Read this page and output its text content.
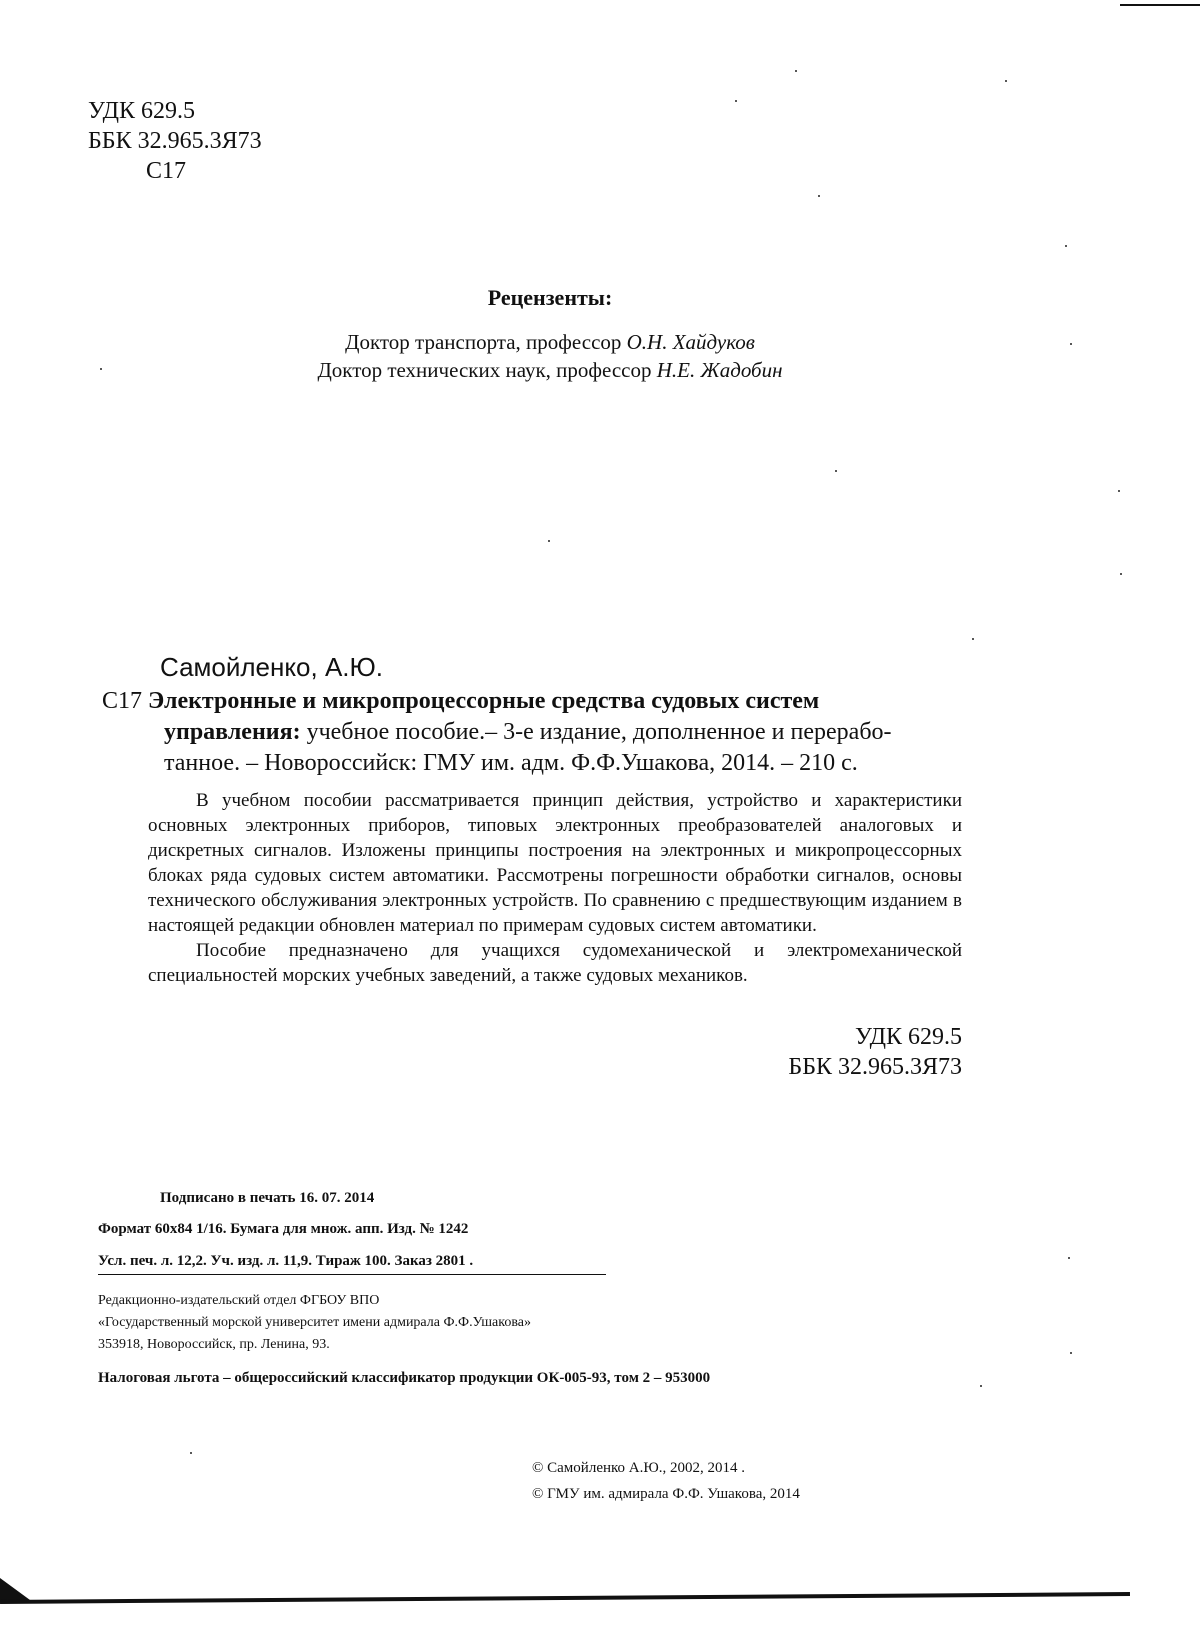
УДК 629.5
ББК 32.965.3Я73
С17
Рецензенты:
Доктор транспорта, профессор О.Н. Хайдуков
Доктор технических наук, профессор Н.Е. Жадобин
Самойленко, А.Ю.
С17 Электронные и микропроцессорные средства судовых систем
управления: учебное пособие.– 3-е издание, дополненное и перерабо-
танное. – Новороссийск: ГМУ им. адм. Ф.Ф.Ушакова, 2014. – 210 с.

В учебном пособии рассматривается принцип действия, устройство и характеристики основных электронных приборов, типовых электронных преобразователей аналоговых и дискретных сигналов. Изложены принципы построения на электронных и микропроцессорных блоках ряда судовых систем автоматики. Рассмотрены погрешности обработки сигналов, основы технического обслуживания электронных устройств. По сравнению с предшествующим изданием в настоящей редакции обновлен материал по примерам судовых систем автоматики.

Пособие предназначено для учащихся судомеханической и электромеханической специальностей морских учебных заведений, а также судовых механиков.

УДК 629.5
ББК 32.965.3Я73
Подписано в печать 16. 07. 2014
Формат 60x84 1/16. Бумага для множ. апп. Изд. № 1242
Усл. печ. л. 12,2. Уч. изд. л. 11,9. Тираж 100. Заказ 2801 .
Редакционно-издательский отдел ФГБОУ ВПО
«Государственный морской университет имени адмирала Ф.Ф.Ушакова»
353918, Новороссийск, пр. Ленина, 93.
Налоговая льгота – общероссийский классификатор продукции ОК-005-93, том 2 – 953000
© Самойленко А.Ю., 2002, 2014 .
© ГМУ им. адмирала Ф.Ф. Ушакова, 2014
